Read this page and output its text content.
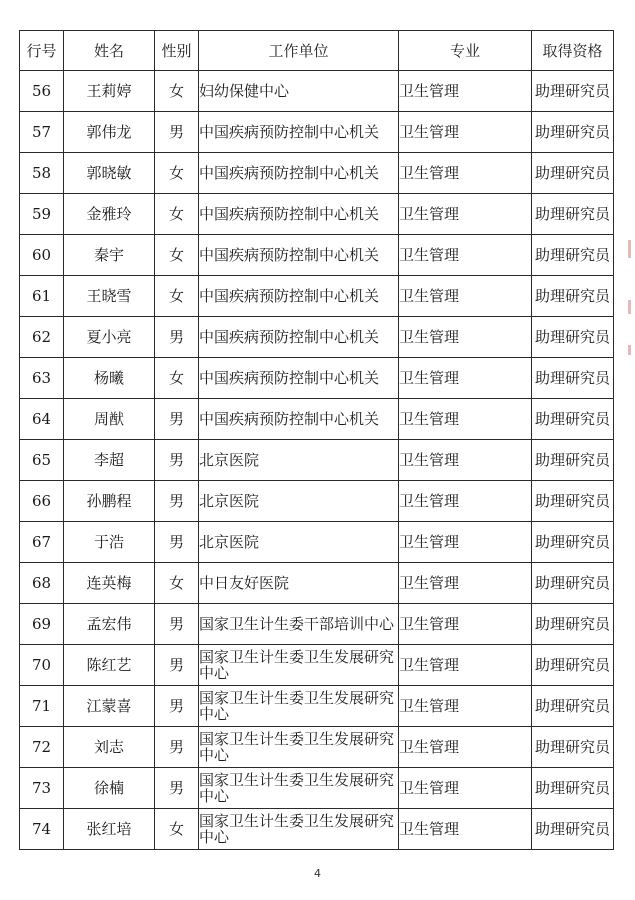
行号	姓名	性别	工作单位	专业	取得资格
56	王莉婷	女	妇幼保健中心	卫生管理	助理研究员
57	郭伟龙	男	中国疾病预防控制中心机关	卫生管理	助理研究员
58	郭晓敏	女	中国疾病预防控制中心机关	卫生管理	助理研究员
59	金雅玲	女	中国疾病预防控制中心机关	卫生管理	助理研究员
60	秦宇	女	中国疾病预防控制中心机关	卫生管理	助理研究员
61	王晓雪	女	中国疾病预防控制中心机关	卫生管理	助理研究员
62	夏小亮	男	中国疾病预防控制中心机关	卫生管理	助理研究员
63	杨曦	女	中国疾病预防控制中心机关	卫生管理	助理研究员
64	周猷	男	中国疾病预防控制中心机关	卫生管理	助理研究员
65	李超	男	北京医院	卫生管理	助理研究员
66	孙鹏程	男	北京医院	卫生管理	助理研究员
67	于浩	男	北京医院	卫生管理	助理研究员
68	连英梅	女	中日友好医院	卫生管理	助理研究员
69	孟宏伟	男	国家卫生计生委干部培训中心	卫生管理	助理研究员
70	陈红艺	男	国家卫生计生委卫生发展研究中心	卫生管理	助理研究员
71	江蒙喜	男	国家卫生计生委卫生发展研究中心	卫生管理	助理研究员
72	刘志	男	国家卫生计生委卫生发展研究中心	卫生管理	助理研究员
73	徐楠	男	国家卫生计生委卫生发展研究中心	卫生管理	助理研究员
74	张红培	女	国家卫生计生委卫生发展研究中心	卫生管理	助理研究员
4
